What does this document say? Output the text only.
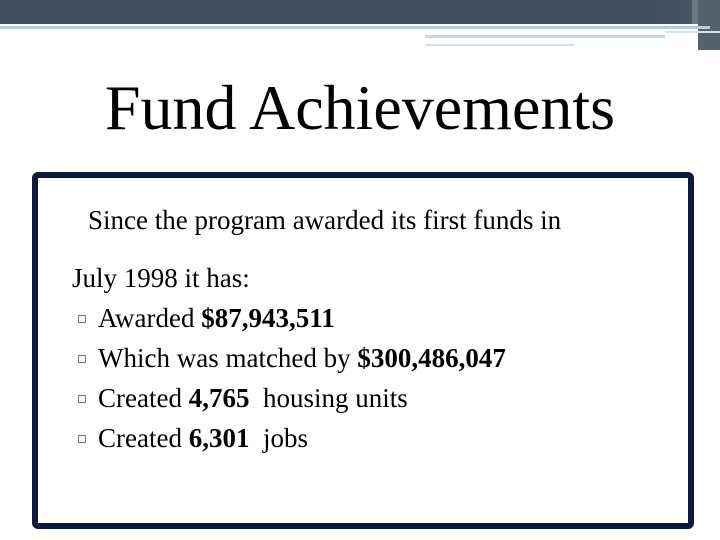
Fund Achievements
Since the program awarded its first funds in
July 1998 it has:
Awarded $87,943,511
Which was matched by $300,486,047
Created 4,765 housing units
Created 6,301 jobs
